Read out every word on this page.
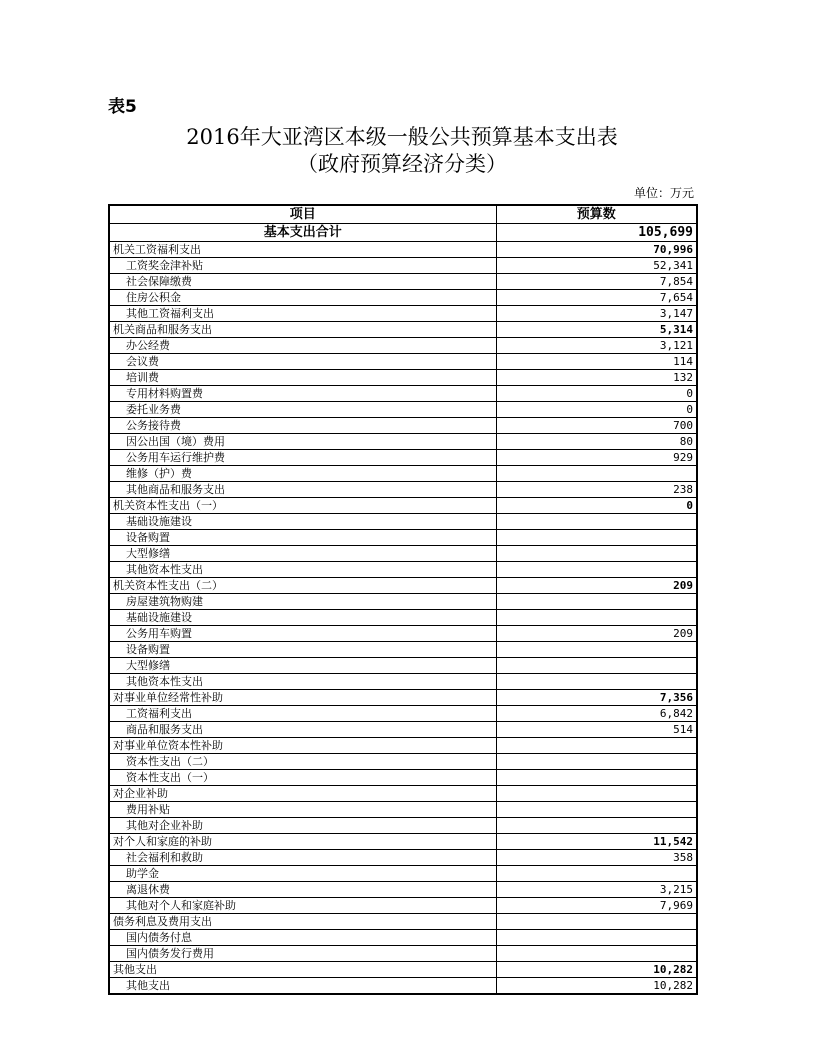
表5
2016年大亚湾区本级一般公共预算基本支出表
（政府预算经济分类）
单位：万元
项目	预算数
基本支出合计	105,699
机关工资福利支出	70,996
工资奖金津补贴	52,341
社会保障缴费	7,854
住房公积金	7,654
其他工资福利支出	3,147
机关商品和服务支出	5,314
办公经费	3,121
会议费	114
培训费	132
专用材料购置费	0
委托业务费	0
公务接待费	700
因公出国（境）费用	80
公务用车运行维护费	929
维修（护）费	
其他商品和服务支出	238
机关资本性支出（一）	0
基础设施建设	
设备购置	
大型修缮	
其他资本性支出	
机关资本性支出（二）	209
房屋建筑物购建	
基础设施建设	
公务用车购置	209
设备购置	
大型修缮	
其他资本性支出	
对事业单位经常性补助	7,356
工资福利支出	6,842
商品和服务支出	514
对事业单位资本性补助	
资本性支出（二）	
资本性支出（一）	
对企业补助	
费用补贴	
其他对企业补助	
对个人和家庭的补助	11,542
社会福利和救助	358
助学金	
离退休费	3,215
其他对个人和家庭补助	7,969
债务利息及费用支出	
国内债务付息	
国内债务发行费用	
其他支出	10,282
其他支出	10,282
